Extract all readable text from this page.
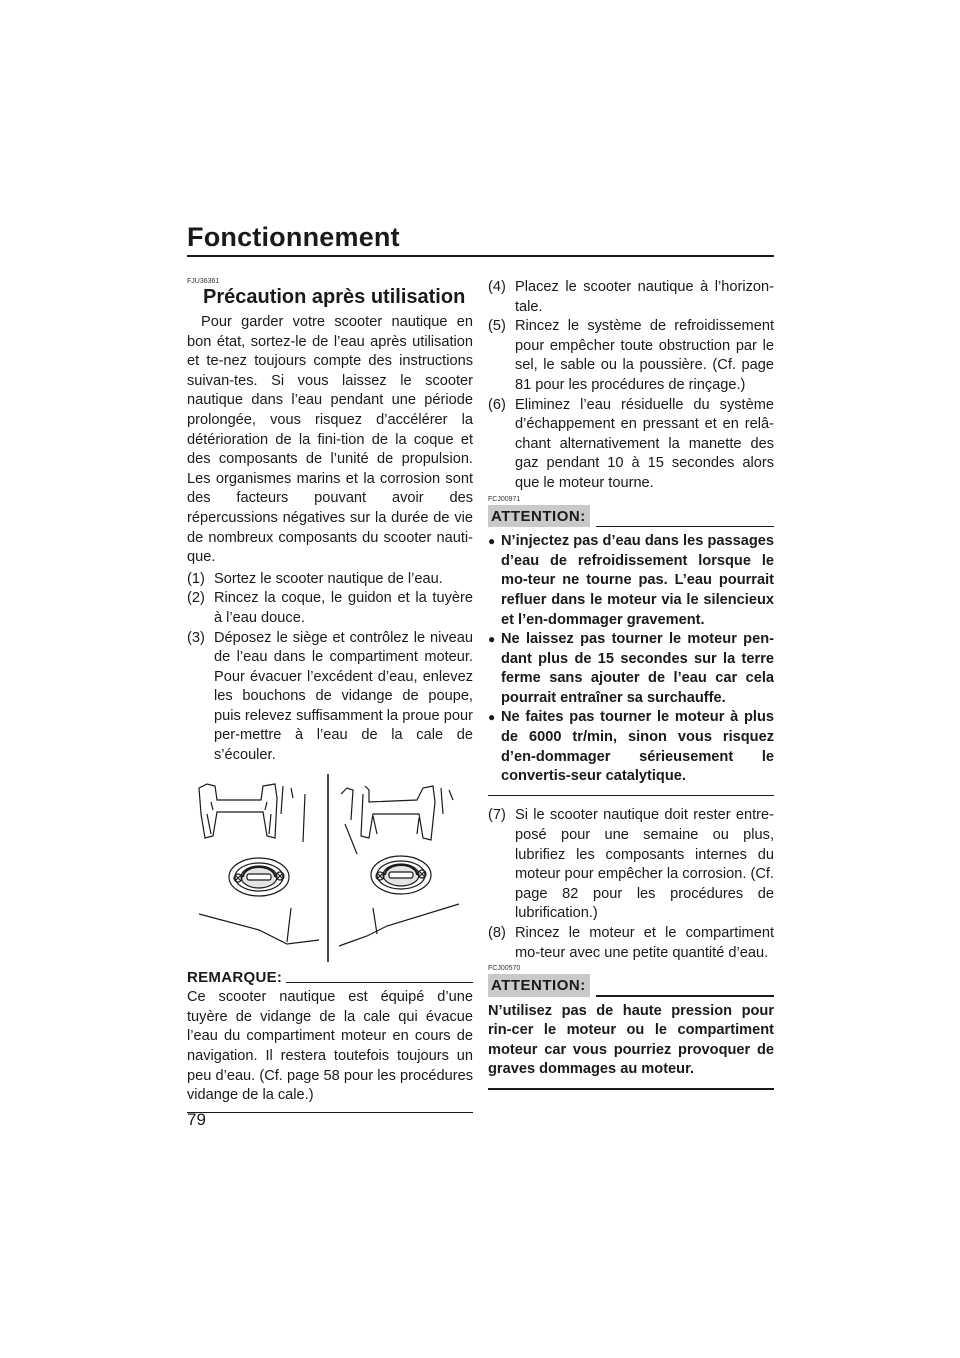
Fonctionnement
FJU36361
Précaution après utilisation

Pour garder votre scooter nautique en bon état, sortez-le de l’eau après utilisation et te-nez toujours compte des instructions suivan-tes. Si vous laissez le scooter nautique dans l’eau pendant une période prolongée, vous risquez d’accélérer la détérioration de la fini-tion de la coque et des composants de l’unité de propulsion. Les organismes marins et la corrosion sont des facteurs pouvant avoir des répercussions négatives sur la durée de vie de nombreux composants du scooter nauti-que.

(1) Sortez le scooter nautique de l’eau.
(2) Rincez la coque, le guidon et la tuyère à l’eau douce.
(3) Déposez le siège et contrôlez le niveau de l’eau dans le compartiment moteur. Pour évacuer l’excédent d’eau, enlevez les bouchons de vidange de poupe, puis relevez suffisamment la proue pour per-mettre à l’eau de la cale de s’écouler.
REMARQUE:

Ce scooter nautique est équipé d’une tuyère de vidange de la cale qui évacue l’eau du compartiment moteur en cours de navigation. Il restera toutefois toujours un peu d’eau. (Cf. page 58 pour les procédures vidange de la cale.)

(4) Placez le scooter nautique à l’horizon-tale.
(5) Rincez le système de refroidissement pour empêcher toute obstruction par le sel, le sable ou la poussière. (Cf. page 81 pour les procédures de rinçage.)
(6) Eliminez l’eau résiduelle du système d’échappement en pressant et en relâ-chant alternativement la manette des gaz pendant 10 à 15 secondes alors que le moteur tourne.
FCJ00971
ATTENTION:
● N’injectez pas d’eau dans les passages d’eau de refroidissement lorsque le mo-teur ne tourne pas. L’eau pourrait refluer dans le moteur via le silencieux et l’en-dommager gravement.
● Ne laissez pas tourner le moteur pen-dant plus de 15 secondes sur la terre ferme sans ajouter de l’eau car cela pourrait entraîner sa surchauffe.
● Ne faites pas tourner le moteur à plus de 6000 tr/min, sinon vous risquez d’en-dommager sérieusement le convertis-seur catalytique.
(7) Si le scooter nautique doit rester entre-posé pour une semaine ou plus, lubrifiez les composants internes du moteur pour empêcher la corrosion. (Cf. page 82 pour les procédures de lubrification.)
(8) Rincez le moteur et le compartiment mo-teur avec une petite quantité d’eau.
FCJ00570
ATTENTION:

N’utilisez pas de haute pression pour rin-cer le moteur ou le compartiment moteur car vous pourriez provoquer de graves dommages au moteur.

79
